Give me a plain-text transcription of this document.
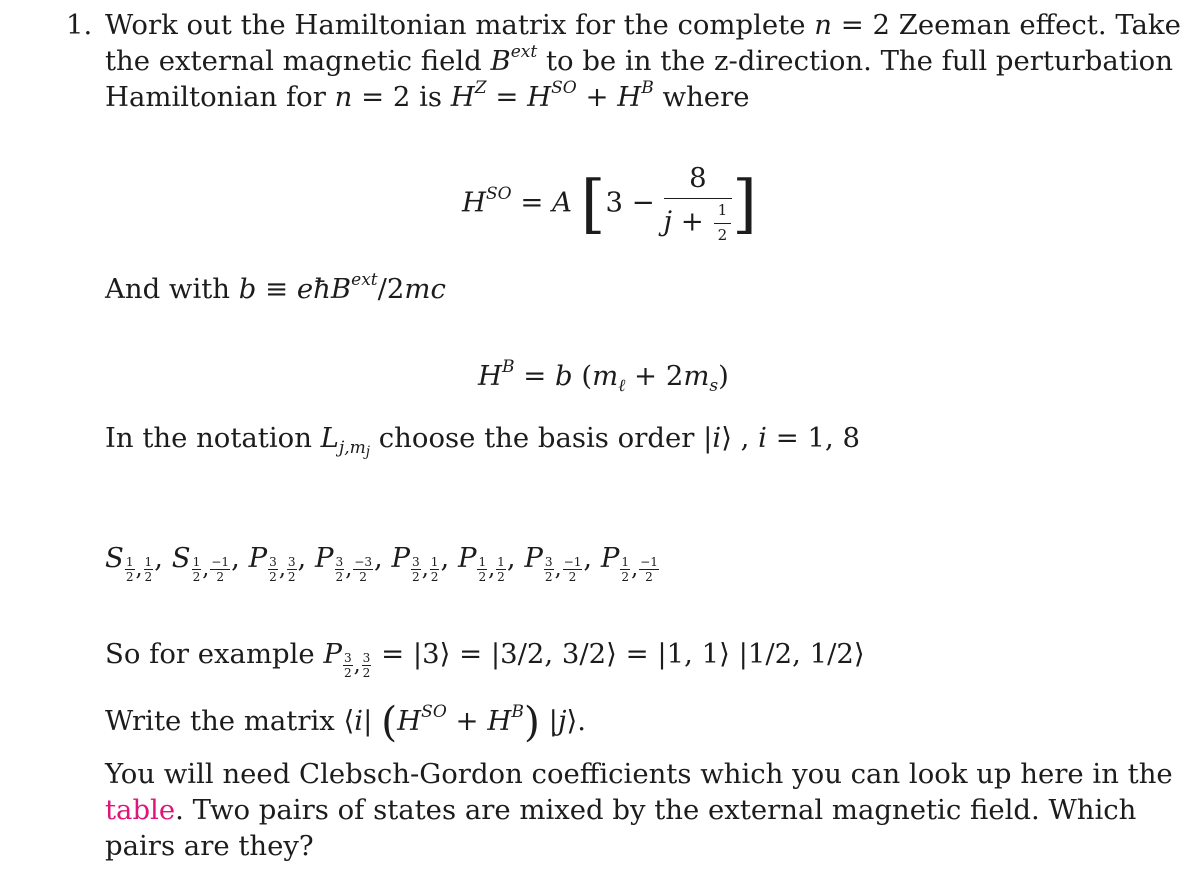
1. Work out the Hamiltonian matrix for the complete n = 2 Zeeman effect. Take
the external magnetic field $B^{ext}$ to be in the z-direction. The full perturbation
Hamiltonian for n = 2 is $H^Z = H^{SO} + H^B$ where
$H^{SO} = A$ [$3 - \frac{8}{j + \frac{1}{2}}$ ]
And with b ≡ eħB$^{ext}$/2mc
$H^B = b$ $(m_\ell + 2m_s)$
In the notation $L_{j,m_j}$ choose the basis order |i⟩ , i = 1, 8
S $\frac{1}{2}$ , $\frac{1}{2}$ , S $\frac{1}{2}$ , $\frac{-1}{2}$ , P $\frac{3}{2}$ , $\frac{3}{2}$ , P $\frac{3}{2}$ , $\frac{-3}{2}$ , P $\frac{3}{2}$ , $\frac{1}{2}$ , P $\frac{1}{2}$ , $\frac{1}{2}$ , P $\frac{3}{2}$ , $\frac{-1}{2}$ , P $\frac{1}{2}$ , $\frac{-1}{2}$
So for example P $\frac{3}{2}$ , $\frac{3}{2}$ = |3⟩ = |3/2, 3/2⟩ = |1, 1⟩ |1/2, 1/2⟩
Write the matrix ⟨i| $(H^{SO} + H^B)$ |j⟩.
You will need Clebsch-Gordon coefficients which you can look up here in the
table. Two pairs of states are mixed by the external magnetic field. Which
pairs are they?
